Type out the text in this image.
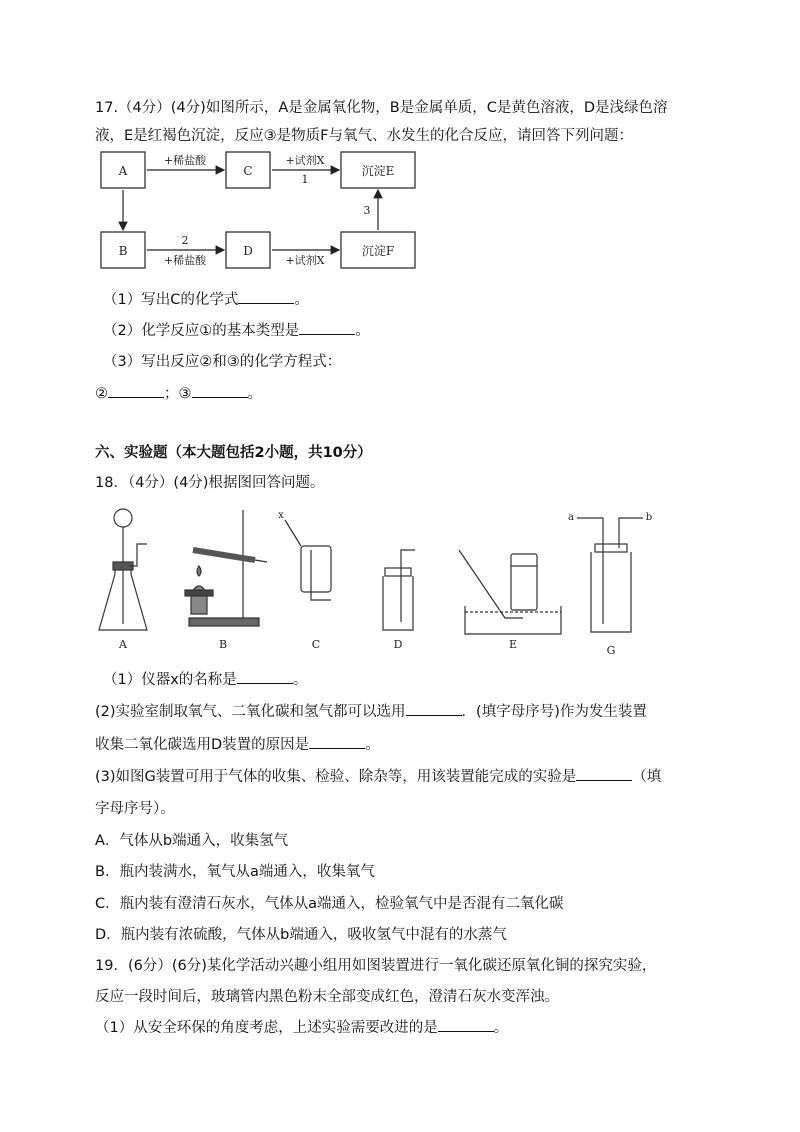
17.（4分）(4分)如图所示，A是金属氧化物，B是金属单质，C是黄色溶液，D是浅绿色溶
液，E是红褐色沉淀，反应③是物质F与氧气、水发生的化合反应，请回答下列问题：
A	C	沉淀E
B	D	沉淀F
+稀盐酸	+试剂X
1
3
2
+稀盐酸	+试剂X
（1）写出C的化学式	。
（2）化学反应①的基本类型是	。
（3）写出反应②和③的化学方程式：
②	；③	。
六、实验题（本大题包括2小题，共10分）
18．（4分）(4分)根据图回答问题。
A	B	C	D	E	G
x	a	b
（1）仪器x的名称是	。
(2)实验室制取氧气、二氧化碳和氢气都可以选用	．(填字母序号)作为发生装置
收集二氧化碳选用D装置的原因是	。
(3)如图G装置可用于气体的收集、检验、除杂等，用该装置能完成的实验是	（填
字母序号）。
A．气体从b端通入，收集氢气
B．瓶内装满水，氧气从a端通入，收集氧气
C．瓶内装有澄清石灰水，气体从a端通入，检验氧气中是否混有二氧化碳
D．瓶内装有浓硫酸，气体从b端通入，吸收氢气中混有的水蒸气
19．(6分）(6分)某化学活动兴趣小组用如图装置进行一氧化碳还原氧化铜的探究实验，
反应一段时间后，玻璃管内黑色粉末全部变成红色，澄清石灰水变浑浊。
（1）从安全环保的角度考虑，上述实验需要改进的是	。
